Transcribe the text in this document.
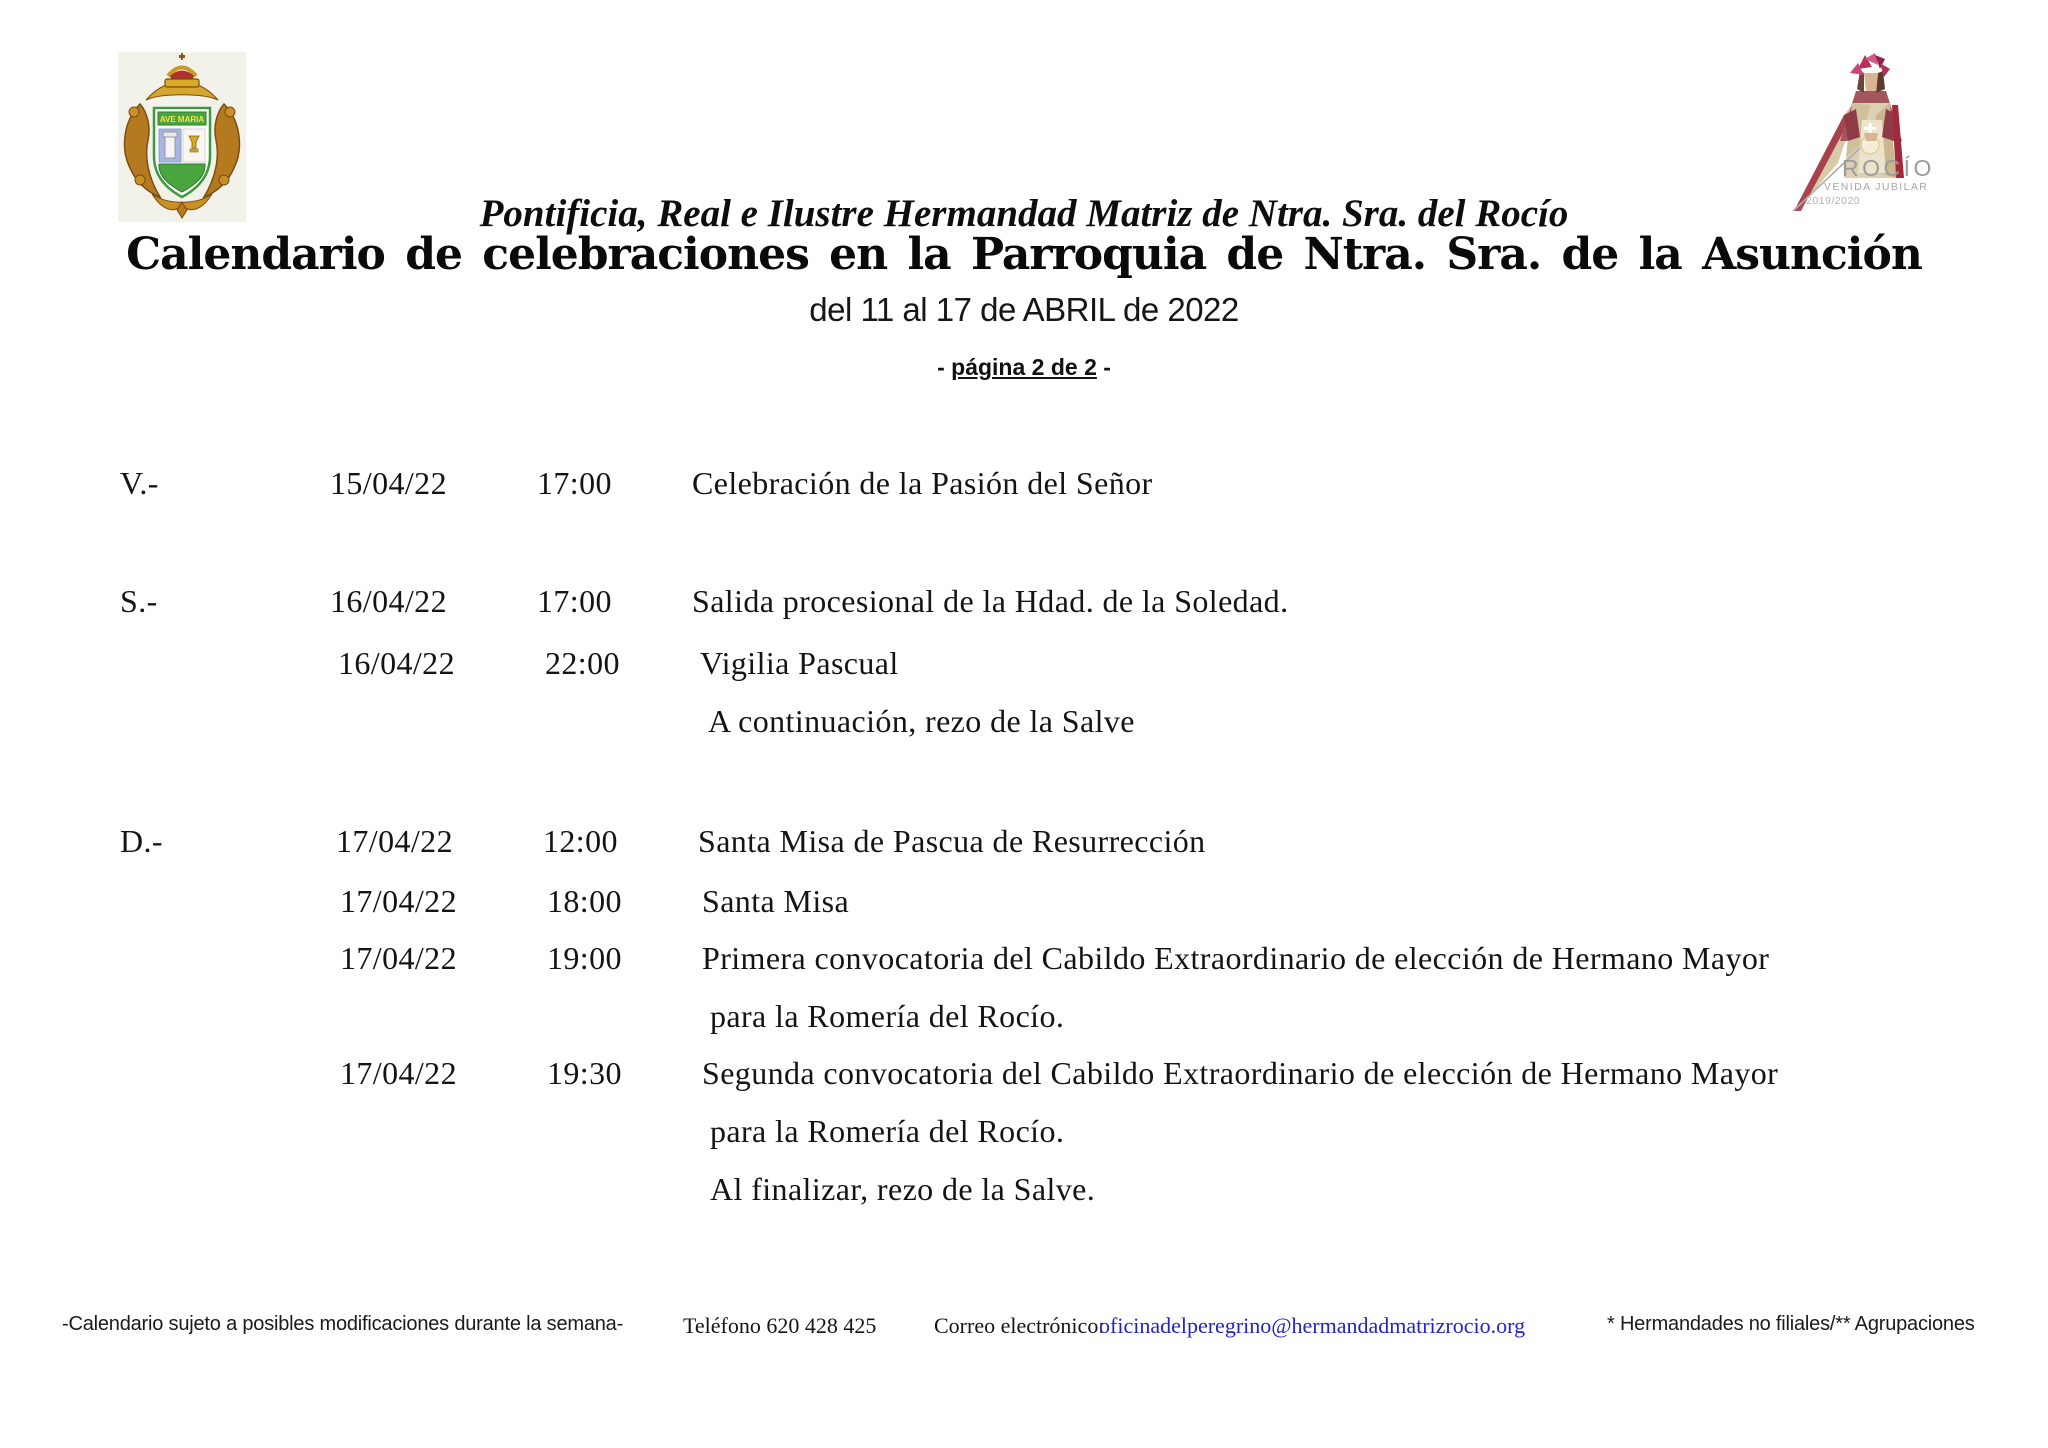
AVE MARIA
ROCÍO
VENIDA JUBILAR
2019/2020
Pontificia, Real e Ilustre Hermandad Matriz de Ntra. Sra. del Rocío
Calendario de celebraciones en la Parroquia de Ntra. Sra. de la Asunción
del 11 al 17 de ABRIL de 2022
- página 2 de 2 -
V.-	15/04/22	17:00	Celebración de la Pasión del Señor
S.-	16/04/22	17:00	Salida procesional de la Hdad. de la Soledad.
16/04/22	22:00	Vigilia Pascual
A continuación, rezo de la Salve
D.-	17/04/22	12:00	Santa Misa de Pascua de Resurrección
17/04/22	18:00	Santa Misa
17/04/22	19:00	Primera convocatoria del Cabildo Extraordinario de elección de Hermano Mayor
para la Romería del Rocío.
17/04/22	19:30	Segunda convocatoria del Cabildo Extraordinario de elección de Hermano Mayor
para la Romería del Rocío.
Al finalizar, rezo de la Salve.
-Calendario sujeto a posibles modificaciones durante la semana-	Teléfono 620 428 425	Correo electrónico:
oficinadelperegrino@hermandadmatrizrocio.org	* Hermandades no filiales/** Agrupaciones
